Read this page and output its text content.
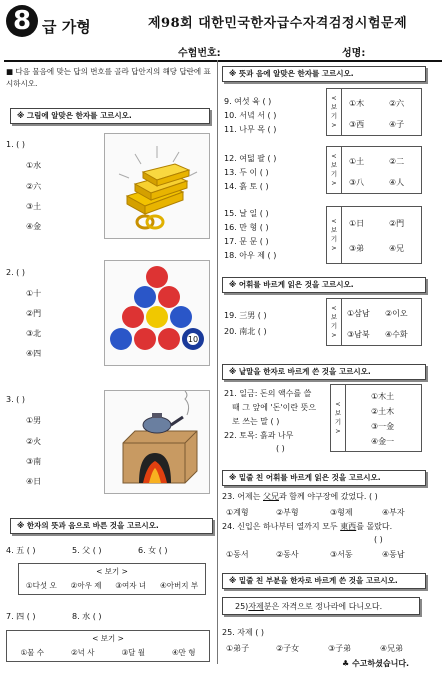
8 급 가형	제98회 대한민국한자급수자격검정시험문제
수험번호:	성명:
■ 다음 물음에 맞는 답의 번호를 골라 답안지의 해당 답란에 표시하시오.
※ 그림에 알맞은 한자를 고르시오.
1. ( )
①水
②六
③土
④金
2. ( )
①十
②門
③北
④四
10
3. ( )
①男
②火
③南
④日
※ 한자의 뜻과 음으로 바른 것을 고르시오.
4. 五 ( )	5. 父 ( )	6. 女 ( )
< 보기 >
①다섯 오 ②아우 제 ③여자 녀 ④아버지 부
7. 四 ( )	8. 水 ( )
< 보기 >
①물 수	②넉 사	③달 월	④만 형
※ 뜻과 음에 알맞은 한자를 고르시오.
9. 여섯 육 ( )
10. 서녘 서 ( )
11. 나무 목 ( )
<
보
기
>
①木	②六
③西	④子
12. 여덟 팔 ( )
13. 두 이 ( )
14. 흙 토 ( )
<
보
기
>
①土	②二
③八	④人
15. 날 일 ( )
16. 만 형 ( )
17. 문 문 ( )
18. 아우 제 ( )
<
보
기
>
①日	②門
③弟	④兄
※ 어휘를 바르게 읽은 것을 고르시오.
19. 三男 ( )
20. 南北 ( )
<
보
기
>
①삼남 ②이오
③남북 ④수화
※ 낱말을 한자로 바르게 쓴 것을 고르시오.
21. 일금: 돈의 액수를 쓸
때 그 앞에 '돈'이란 뜻으
로 쓰는 말 ( )
22. 토목: 흙과 나무
( )
<
보
기
>
①木土
②土木
③一金
④金一
※ 밑줄 친 어휘를 바르게 읽은 것을 고르시오.
23. 어제는 父兄과 함께 야구장에 갔었다. ( )
①계형	②부형	③형제	④부자
24. 신입은 하나부터 열까지 모두 東西를 몰랐다.
( )
①동서	②동사	③서동	④동남
※ 밑줄 친 부분을 한자로 바르게 쓴 것을 고르시오.
25)자제분은 자격으로 정나라에 다니오다.
25. 자제 ( )
①弟子	②子女	③子弟	④兄弟
♣ 수고하셨습니다.
